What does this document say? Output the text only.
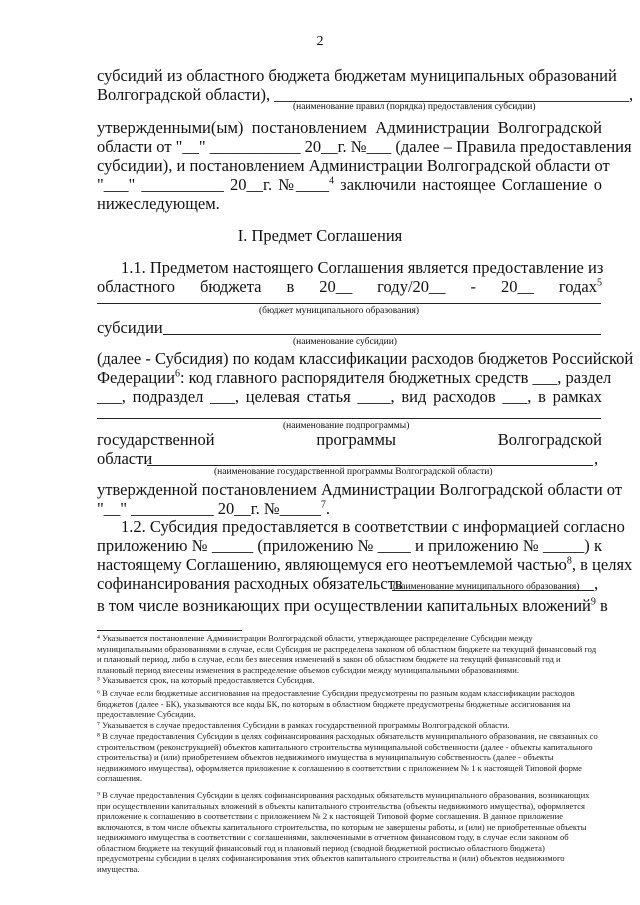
2
субсидий из областного бюджета бюджетам муниципальных образований
Волгоградской области), ___________________________________________,
(наименование правил (порядка) предоставления субсидии)
утвержденными(ым) постановлением Администрации Волгоградской
области от "__" ___________ 20__г. №___ (далее – Правила предоставления
субсидии), и постановлением Администрации Волгоградской области от
"___" __________ 20__г. №____$^4$ заключили настоящее Соглашение о
нижеследующем.
I. Предмет Соглашения
1.1. Предметом настоящего Соглашения является предоставление из
областного бюджета в 20__ году/20__ - 20__ годах$^5$
(бюджет муниципального образования)
субсидии
(наименование субсидии)
(далее - Субсидия) по кодам классификации расходов бюджетов Российской
Федерации$^6$: код главного распорядителя бюджетных средств ___, раздел
___, подраздел ___, целевая статья ____, вид расходов ___, в рамках
(наименование подпрограммы)
государственной программы Волгоградской
области	,
(наименование государственной программы Волгоградской области)
утвержденной постановлением Администрации Волгоградской области от
"__" __________ 20__г. №_____$^7$.
1.2. Субсидия предоставляется в соответствии с информацией согласно
приложению № _____ (приложению № ____ и приложению № _____) к
настоящему Соглашению, являющемуся его неотъемлемой частью$^8$, в целях
софинансирования расходных обязательств	,
(наименование муниципального образования)
в том числе возникающих при осуществлении капитальных вложений$^9$ в
⁴ Указывается постановление Администрации Волгоградской области, утверждающее распределение Субсидии между
муниципальными образованиями в случае, если Субсидия не распределена законом об областном бюджете на текущий финансовый год
и плановый период, либо в случае, если без внесения изменений в закон об областном бюджете на текущий финансовый год и
плановый период внесены изменения в распределение объемов субсидии между муниципальными образованиями.
⁵ Указывается срок, на который предоставляется Субсидия.
⁶ В случае если бюджетные ассигнования на предоставление Субсидии предусмотрены по разным кодам классификации расходов
бюджетов (далее - БК), указываются все коды БК, по которым в областном бюджете предусмотрены бюджетные ассигнования на
предоставление Субсидии.
⁷ Указывается в случае предоставления Субсидии в рамках государственной программы Волгоградской области.
⁸ В случае предоставления Субсидии в целях софинансирования расходных обязательств муниципального образования, не связанных со
строительством (реконструкцией) объектов капитального строительства муниципальной собственности (далее - объекты капитального
строительства) и (или) приобретением объектов недвижимого имущества в муниципальную собственность (далее - объекты
недвижимого имущества), оформляется приложение к соглашению в соответствии с приложением № 1 к настоящей Типовой форме
соглашения.
⁹ В случае предоставления Субсидии в целях софинансирования расходных обязательств муниципального образования, возникающих
при осуществлении капитальных вложений в объекты капитального строительства (объекты недвижимого имущества), оформляется
приложение к соглашению в соответствии с приложением № 2 к настоящей Типовой форме соглашения. В данное приложение
включаются, в том числе объекты капитального строительства, по которым не завершены работы, и (или) не приобретенные объекты
недвижимого имущества в соответствии с соглашениями, заключенными в отчетном финансовом году, в случае если законом об
областном бюджете на текущий финансовый год и плановый период (сводной бюджетной росписью областного бюджета)
предусмотрены субсидии в целях софинансирования этих объектов капитального строительства и (или) объектов недвижимого
имущества.
